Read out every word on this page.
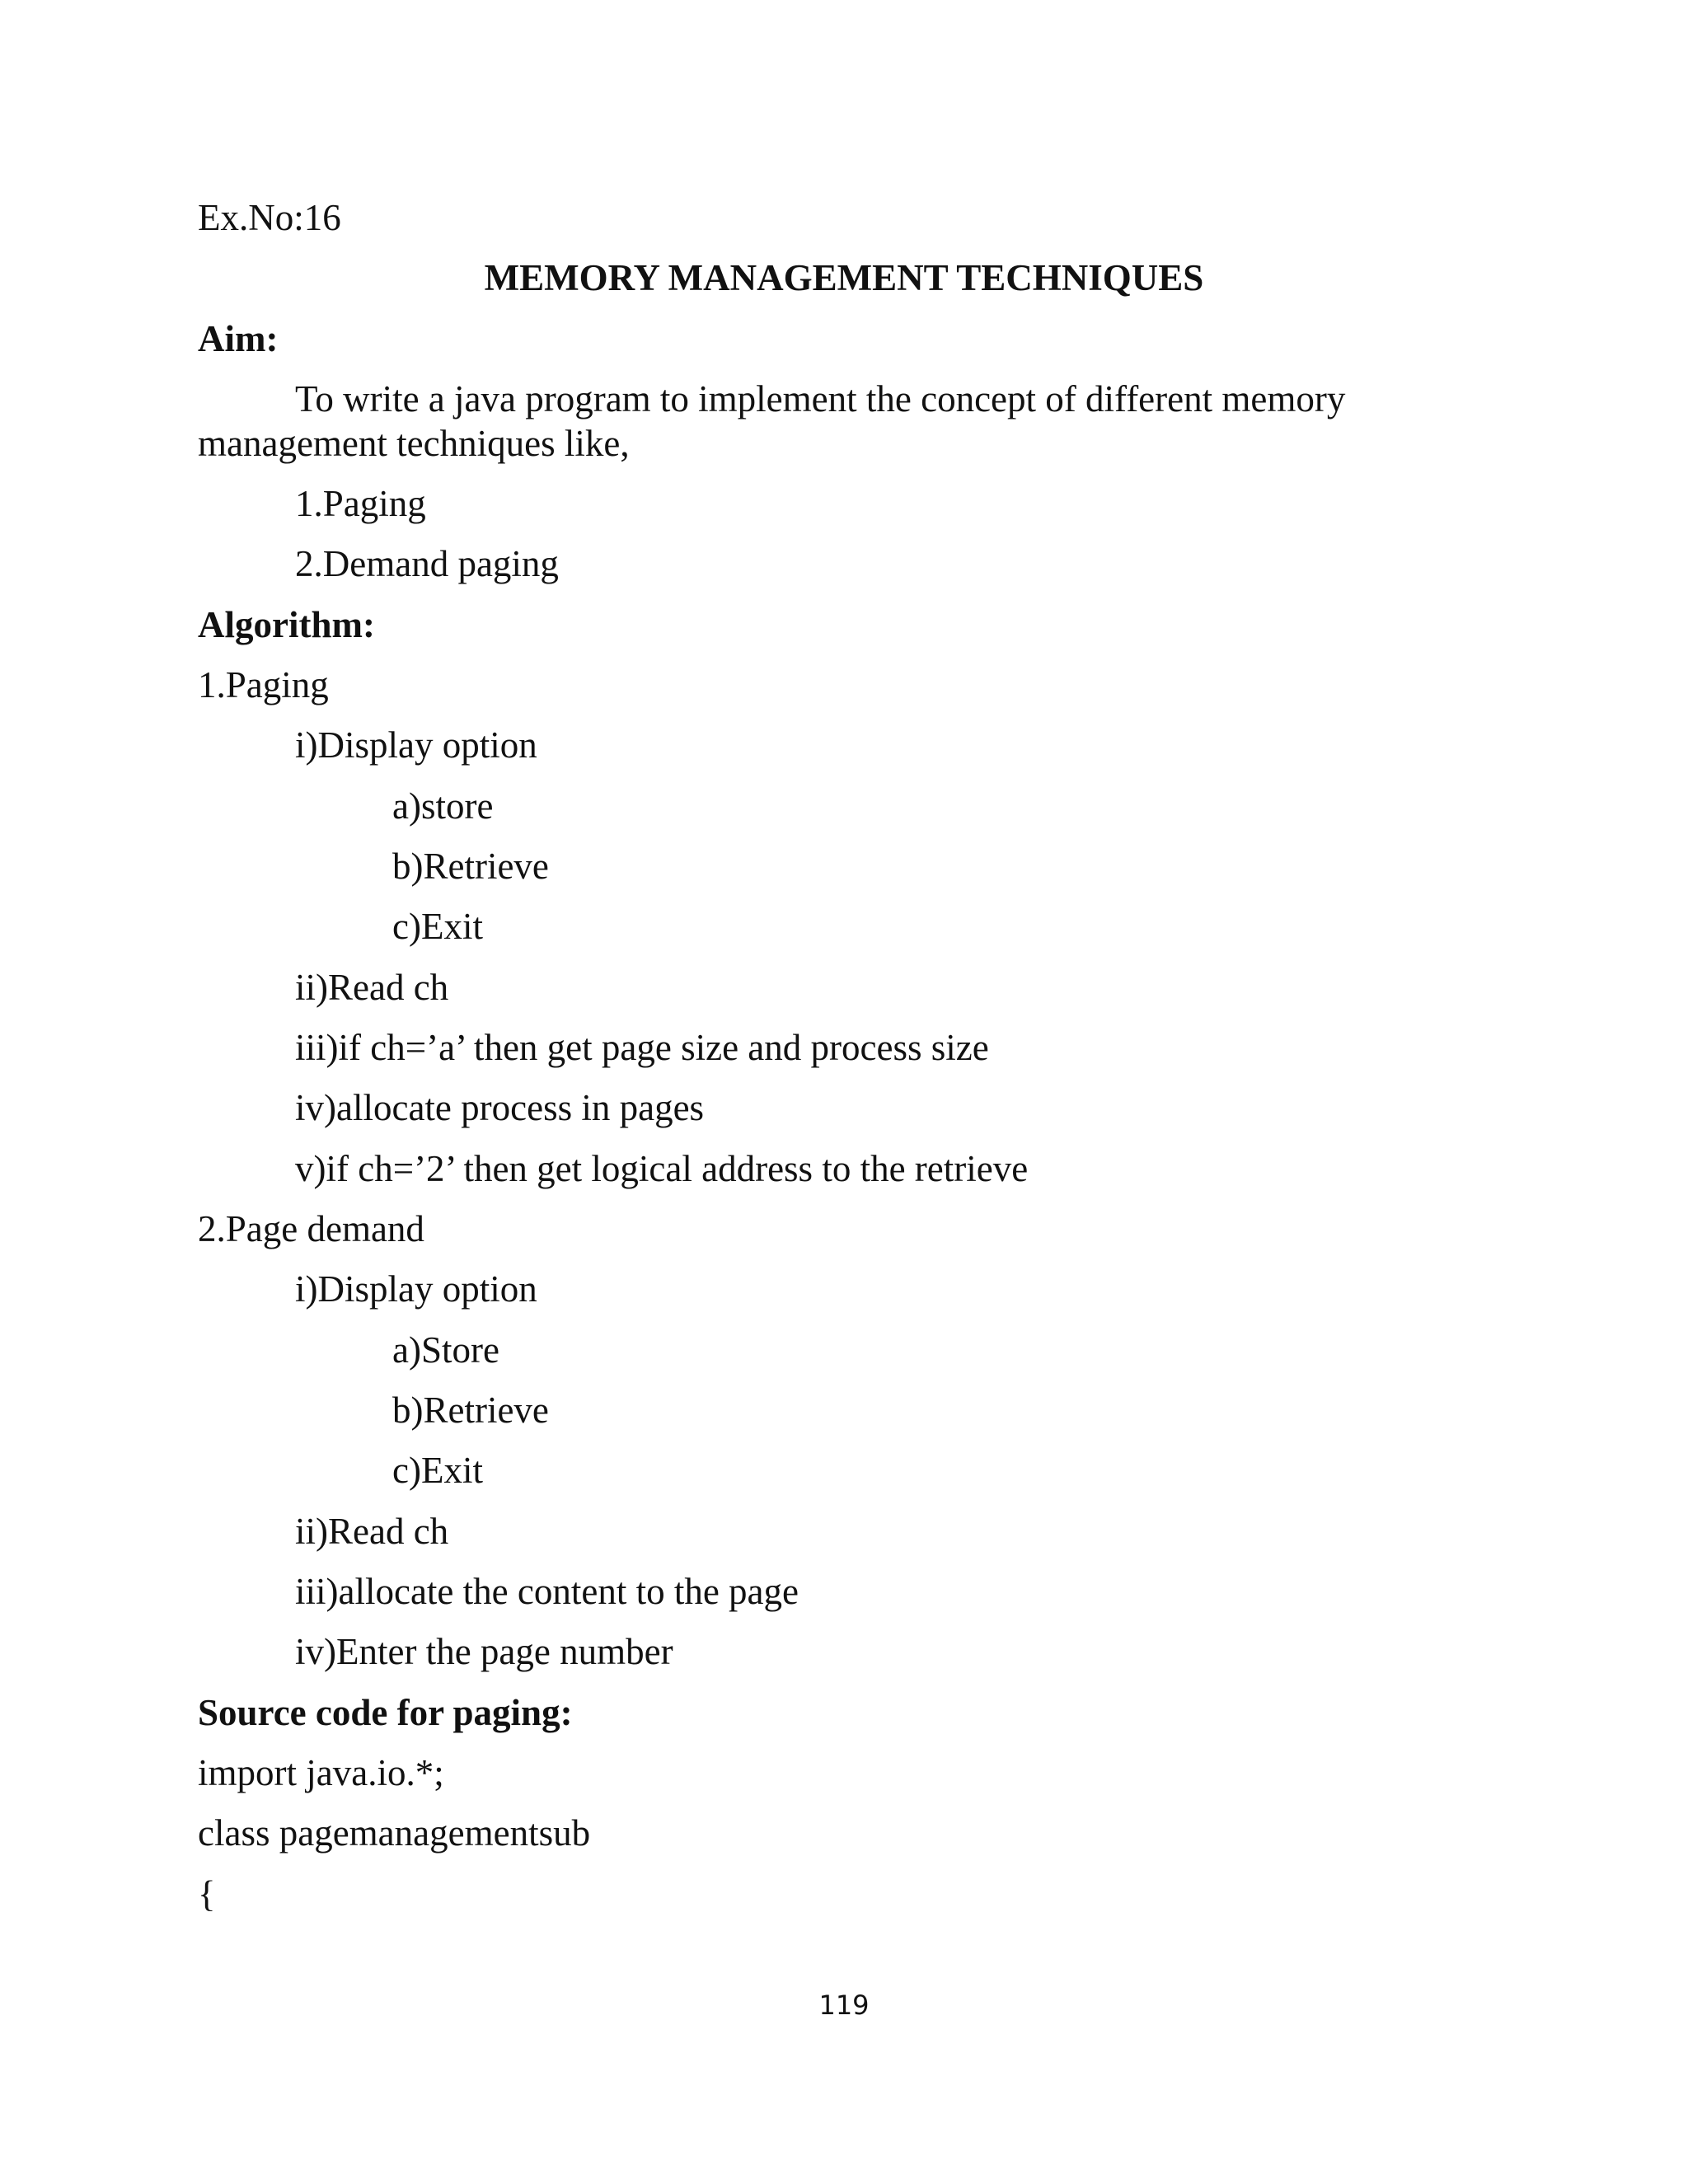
Ex.No:16
MEMORY MANAGEMENT TECHNIQUES
Aim:
To write a java program to implement the concept of different memory
management techniques like,
1.Paging
2.Demand paging
Algorithm:
1.Paging
i)Display option
a)store
b)Retrieve
c)Exit
ii)Read ch
iii)if ch=’a’ then get page size and process size
iv)allocate process in pages
v)if ch=’2’ then get logical address to the retrieve
2.Page demand
i)Display option
a)Store
b)Retrieve
c)Exit
ii)Read ch
iii)allocate the content to the page
iv)Enter the page number
Source code for paging:
import java.io.*;
class pagemanagementsub
{
119
